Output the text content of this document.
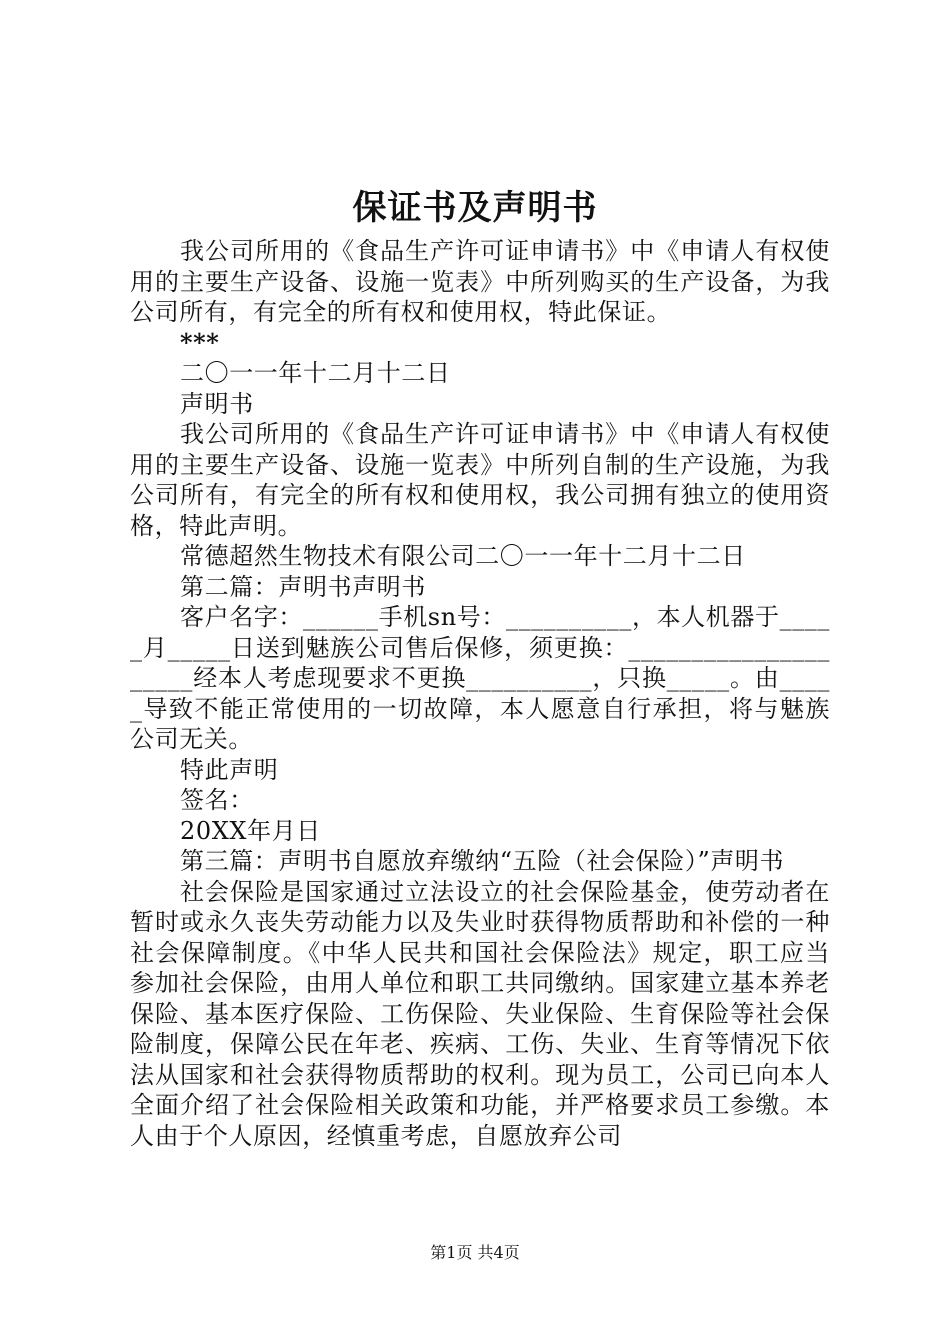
保证书及声明书

我公司所用的《食品生产许可证申请书》中《申请人有权使用的主要生产设备、设施一览表》中所列购买的生产设备，为我公司所有，有完全的所有权和使用权，特此保证。

***

二〇一一年十二月十二日

声明书

我公司所用的《食品生产许可证申请书》中《申请人有权使用的主要生产设备、设施一览表》中所列自制的生产设施，为我公司所有，有完全的所有权和使用权，我公司拥有独立的使用资格，特此声明。

常德超然生物技术有限公司二〇一一年十二月十二日

第二篇：声明书声明书

客户名字：______手机sn号：__________，本人机器于_____月_____日送到魅族公司售后保修，须更换：_____________________经本人考虑现要求不更换__________，只换_____。由_____导致不能正常使用的一切故障，本人愿意自行承担，将与魅族公司无关。

特此声明

签名：

20XX年月日

第三篇：声明书自愿放弃缴纳“五险（社会保险）”声明书

社会保险是国家通过立法设立的社会保险基金，使劳动者在暂时或永久丧失劳动能力以及失业时获得物质帮助和补偿的一种社会保障制度。《中华人民共和国社会保险法》规定，职工应当参加社会保险，由用人单位和职工共同缴纳。国家建立基本养老保险、基本医疗保险、工伤保险、失业保险、生育保险等社会保险制度，保障公民在年老、疾病、工伤、失业、生育等情况下依法从国家和社会获得物质帮助的权利。现为员工，公司已向本人全面介绍了社会保险相关政策和功能，并严格要求员工参缴。本人由于个人原因，经慎重考虑，自愿放弃公司

第1页 共4页
